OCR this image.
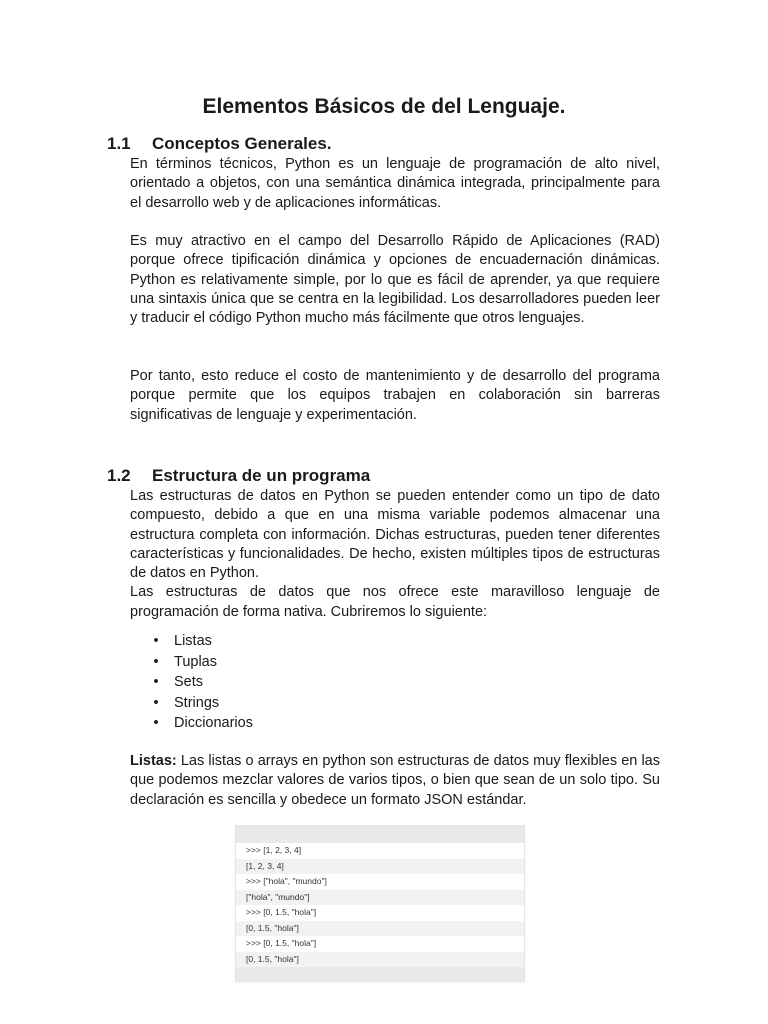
Elementos Básicos de del Lenguaje.
1.1 Conceptos Generales.

En términos técnicos, Python es un lenguaje de programación de alto nivel, orientado a objetos, con una semántica dinámica integrada, principalmente para el desarrollo web y de aplicaciones informáticas.

Es muy atractivo en el campo del Desarrollo Rápido de Aplicaciones (RAD) porque ofrece tipificación dinámica y opciones de encuadernación dinámicas. Python es relativamente simple, por lo que es fácil de aprender, ya que requiere una sintaxis única que se centra en la legibilidad. Los desarrolladores pueden leer y traducir el código Python mucho más fácilmente que otros lenguajes.

Por tanto, esto reduce el costo de mantenimiento y de desarrollo del programa porque permite que los equipos trabajen en colaboración sin barreras significativas de lenguaje y experimentación.

1.2 Estructura de un programa

Las estructuras de datos en Python se pueden entender como un tipo de dato compuesto, debido a que en una misma variable podemos almacenar una estructura completa con información. Dichas estructuras, pueden tener diferentes características y funcionalidades. De hecho, existen múltiples tipos de estructuras de datos en Python.

Las estructuras de datos que nos ofrece este maravilloso lenguaje de programación de forma nativa. Cubriremos lo siguiente:

• Listas
• Tuplas
• Sets
• Strings
• Diccionarios

Listas: Las listas o arrays en python son estructuras de datos muy flexibles en las que podemos mezclar valores de varios tipos, o bien que sean de un solo tipo. Su declaración es sencilla y obedece un formato JSON estándar.

>>> [1, 2, 3, 4]
[1, 2, 3, 4]
>>> ["hola", "mundo"]
["hola", "mundo"]
>>> [0, 1.5, "hola"]
[0, 1.5, "hola"]
>>> [0, 1.5, "hola"]
[0, 1.5, "hola"]
